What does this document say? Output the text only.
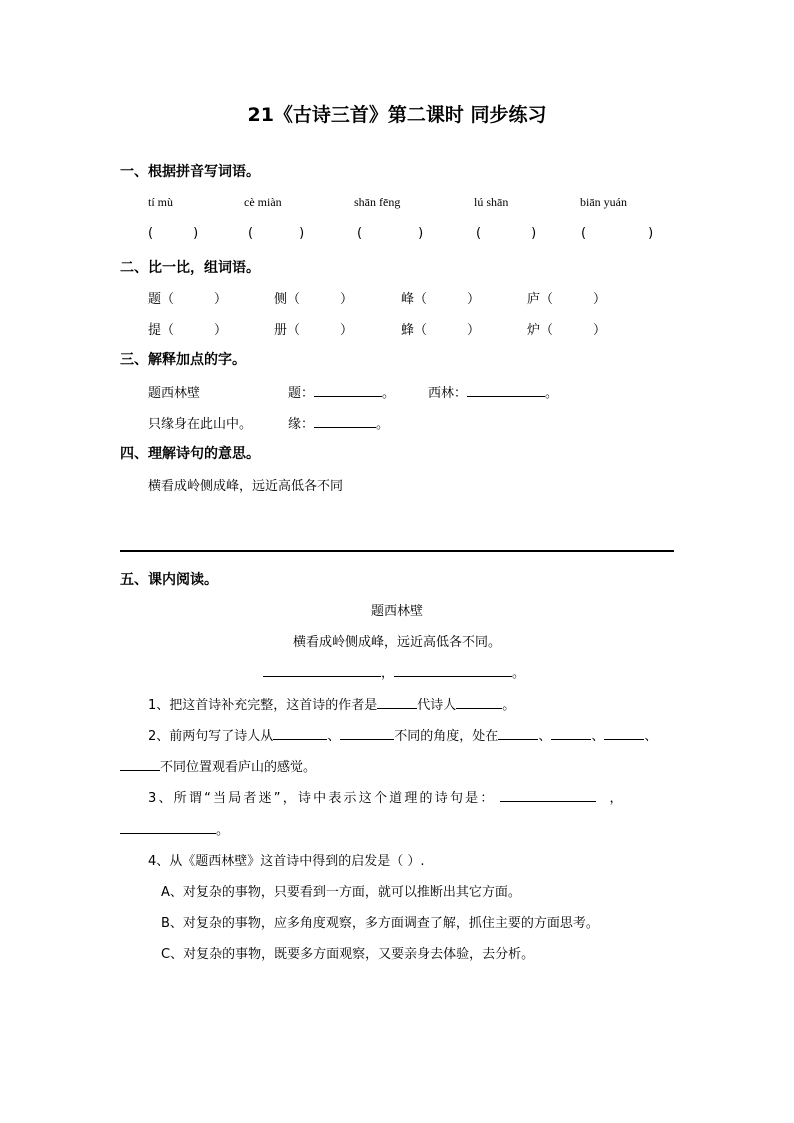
21《古诗三首》第二课时 同步练习
一、根据拼音写词语。
tí mù	cè miàn	shān fēng	lú shān	biān yuán
(	)	(	)	(	)	(	)	(	)
二、比一比，组词语。
题（	）	侧（	）	峰（	）	庐（	）
提（	）	册（	）	蜂（	）	炉（	）
三、解释加点的字。
题西林壁	题：	。	西林：	。
只缘身在此山中。	缘：	。
四、理解诗句的意思。
横看成岭侧成峰，远近高低各不同
五、课内阅读。
题西林壁
横看成岭侧成峰，远近高低各不同。
，	。
1、把这首诗补充完整，这首诗的作者是	代诗人	。
2、前两句写了诗人从	、	不同的角度，处在	、	、	、
不同位置观看庐山的感觉。
3、所谓“当局者迷”，诗中表示这个道理的诗句是：	，
。
4、从《题西林壁》这首诗中得到的启发是（ ）.
A、对复杂的事物，只要看到一方面，就可以推断出其它方面。
B、对复杂的事物，应多角度观察，多方面调查了解，抓住主要的方面思考。
C、对复杂的事物，既要多方面观察，又要亲身去体验，去分析。
